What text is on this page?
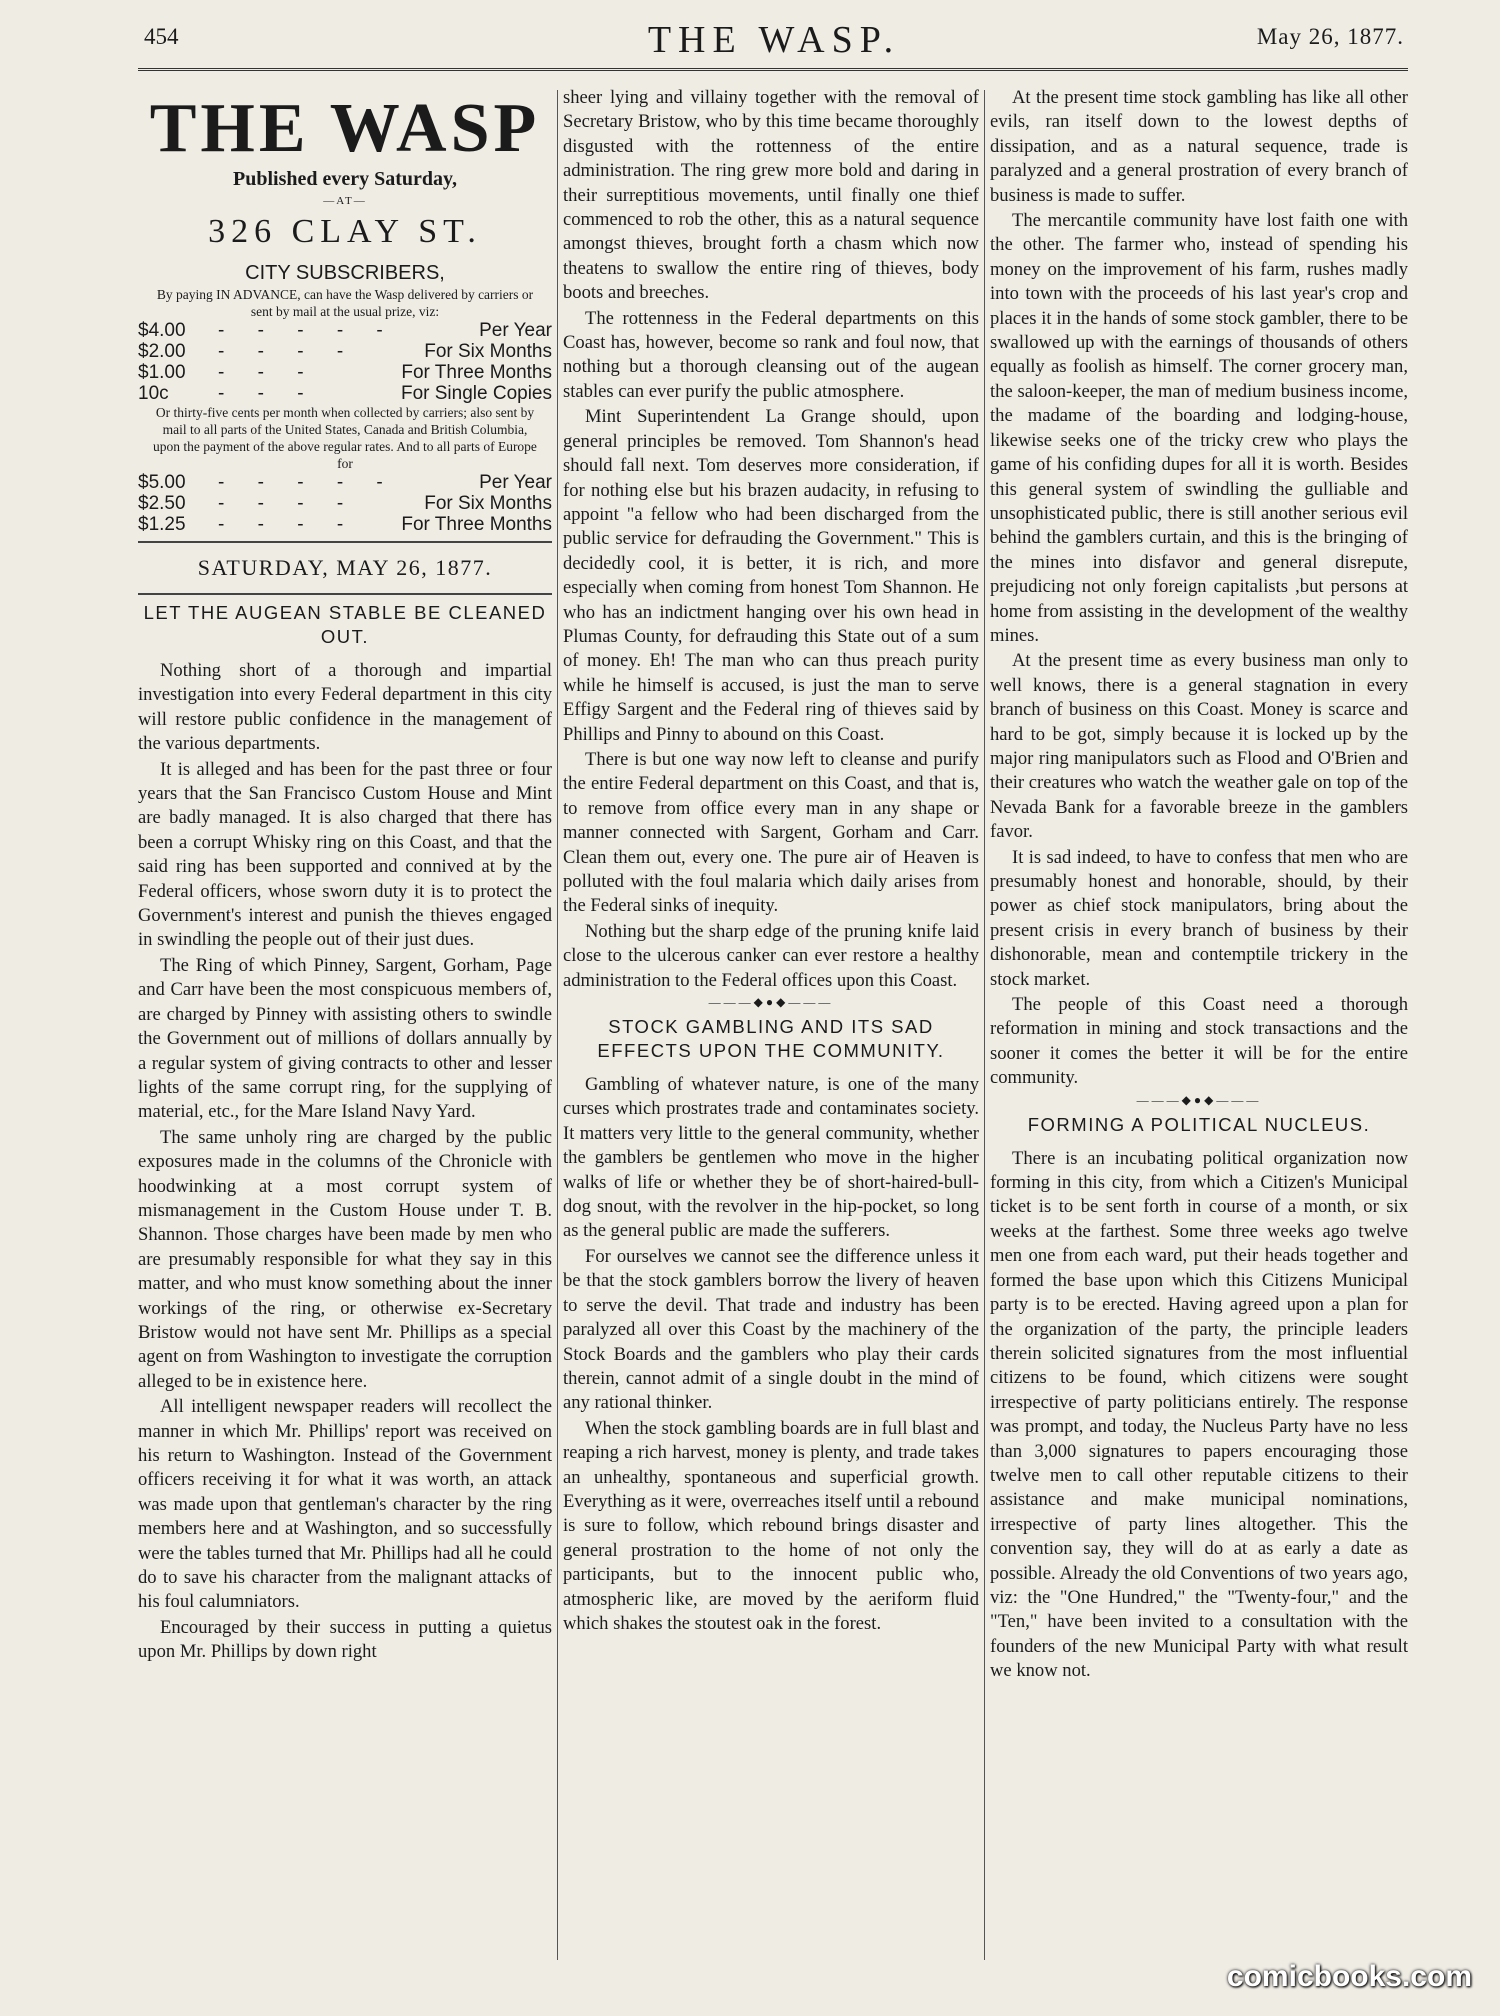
454	THE WASP.	May 26, 1877.
THE WASP
Published every Saturday,
—AT—
326 CLAY ST.
CITY SUBSCRIBERS,
By paying IN ADVANCE, can have the Wasp delivered by carriers or sent by mail at the usual prize, viz:
$4.00	- - - - -	Per Year
$2.00	- - - -	For Six Months
$1.00	- - -	For Three Months
10c	- - -	For Single Copies
Or thirty-five cents per month when collected by carriers; also sent by mail to all parts of the United States, Canada and British Columbia, upon the payment of the above regular rates. And to all parts of Europe for
$5.00	- - - - -	Per Year
$2.50	- - - -	For Six Months
$1.25	- - - -	For Three Months
SATURDAY, MAY 26, 1877.
LET THE AUGEAN STABLE BE CLEANED OUT.

Nothing short of a thorough and impartial investigation into every Federal department in this city will restore public confidence in the management of the various departments.

It is alleged and has been for the past three or four years that the San Francisco Custom House and Mint are badly managed. It is also charged that there has been a corrupt Whisky ring on this Coast, and that the said ring has been supported and connived at by the Federal officers, whose sworn duty it is to protect the Government's interest and punish the thieves engaged in swindling the people out of their just dues.

The Ring of which Pinney, Sargent, Gorham, Page and Carr have been the most conspicuous members of, are charged by Pinney with assisting others to swindle the Government out of millions of dollars annually by a regular system of giving contracts to other and lesser lights of the same corrupt ring, for the supplying of material, etc., for the Mare Island Navy Yard.

The same unholy ring are charged by the public exposures made in the columns of the Chronicle with hoodwinking at a most corrupt system of mismanagement in the Custom House under T. B. Shannon. Those charges have been made by men who are presumably responsible for what they say in this matter, and who must know something about the inner workings of the ring, or otherwise ex-Secretary Bristow would not have sent Mr. Phillips as a special agent on from Washington to investigate the corruption alleged to be in existence here.

All intelligent newspaper readers will recollect the manner in which Mr. Phillips' report was received on his return to Washington. Instead of the Government officers receiving it for what it was worth, an attack was made upon that gentleman's character by the ring members here and at Washington, and so successfully were the tables turned that Mr. Phillips had all he could do to save his character from the malignant attacks of his foul calumniators.

Encouraged by their success in putting a quietus upon Mr. Phillips by down right

sheer lying and villainy together with the removal of Secretary Bristow, who by this time became thoroughly disgusted with the rottenness of the entire administration. The ring grew more bold and daring in their surreptitious movements, until finally one thief commenced to rob the other, this as a natural sequence amongst thieves, brought forth a chasm which now theatens to swallow the entire ring of thieves, body boots and breeches.

The rottenness in the Federal departments on this Coast has, however, become so rank and foul now, that nothing but a thorough cleansing out of the augean stables can ever purify the public atmosphere.

Mint Superintendent La Grange should, upon general principles be removed. Tom Shannon's head should fall next. Tom deserves more consideration, if for nothing else but his brazen audacity, in refusing to appoint "a fellow who had been discharged from the public service for defrauding the Government." This is decidedly cool, it is better, it is rich, and more especially when coming from honest Tom Shannon. He who has an indictment hanging over his own head in Plumas County, for defrauding this State out of a sum of money. Eh! The man who can thus preach purity while he himself is accused, is just the man to serve Effigy Sargent and the Federal ring of thieves said by Phillips and Pinny to abound on this Coast.

There is but one way now left to cleanse and purify the entire Federal department on this Coast, and that is, to remove from office every man in any shape or manner connected with Sargent, Gorham and Carr. Clean them out, every one. The pure air of Heaven is polluted with the foul malaria which daily arises from the Federal sinks of inequity.

Nothing but the sharp edge of the pruning knife laid close to the ulcerous canker can ever restore a healthy administration to the Federal offices upon this Coast.

———◆●◆———
STOCK GAMBLING AND ITS SAD EFFECTS UPON THE COMMUNITY.

Gambling of whatever nature, is one of the many curses which prostrates trade and contaminates society. It matters very little to the general community, whether the gamblers be gentlemen who move in the higher walks of life or whether they be of short-haired-bull-dog snout, with the revolver in the hip-pocket, so long as the general public are made the sufferers.

For ourselves we cannot see the difference unless it be that the stock gamblers borrow the livery of heaven to serve the devil. That trade and industry has been paralyzed all over this Coast by the machinery of the Stock Boards and the gamblers who play their cards therein, cannot admit of a single doubt in the mind of any rational thinker.

When the stock gambling boards are in full blast and reaping a rich harvest, money is plenty, and trade takes an unhealthy, spontaneous and superficial growth. Everything as it were, overreaches itself until a rebound is sure to follow, which rebound brings disaster and general prostration to the home of not only the participants, but to the innocent public who, atmospheric like, are moved by the aeriform fluid which shakes the stoutest oak in the forest.

At the present time stock gambling has like all other evils, ran itself down to the lowest depths of dissipation, and as a natural sequence, trade is paralyzed and a general prostration of every branch of business is made to suffer.

The mercantile community have lost faith one with the other. The farmer who, instead of spending his money on the improvement of his farm, rushes madly into town with the proceeds of his last year's crop and places it in the hands of some stock gambler, there to be swallowed up with the earnings of thousands of others equally as foolish as himself. The corner grocery man, the saloon-keeper, the man of medium business income, the madame of the boarding and lodging-house, likewise seeks one of the tricky crew who plays the game of his confiding dupes for all it is worth. Besides this general system of swindling the gulliable and unsophisticated public, there is still another serious evil behind the gamblers curtain, and this is the bringing of the mines into disfavor and general disrepute, prejudicing not only foreign capitalists ,but persons at home from assisting in the development of the wealthy mines.

At the present time as every business man only to well knows, there is a general stagnation in every branch of business on this Coast. Money is scarce and hard to be got, simply because it is locked up by the major ring manipulators such as Flood and O'Brien and their creatures who watch the weather gale on top of the Nevada Bank for a favorable breeze in the gamblers favor.

It is sad indeed, to have to confess that men who are presumably honest and honorable, should, by their power as chief stock manipulators, bring about the present crisis in every branch of business by their dishonorable, mean and contemptile trickery in the stock market.

The people of this Coast need a thorough reformation in mining and stock transactions and the sooner it comes the better it will be for the entire community.

———◆●◆———
FORMING A POLITICAL NUCLEUS.

There is an incubating political organization now forming in this city, from which a Citizen's Municipal ticket is to be sent forth in course of a month, or six weeks at the farthest. Some three weeks ago twelve men one from each ward, put their heads together and formed the base upon which this Citizens Municipal party is to be erected. Having agreed upon a plan for the organization of the party, the principle leaders therein solicited signatures from the most influential citizens to be found, which citizens were sought irrespective of party politicians entirely. The response was prompt, and today, the Nucleus Party have no less than 3,000 signatures to papers encouraging those twelve men to call other reputable citizens to their assistance and make municipal nominations, irrespective of party lines altogether. This the convention say, they will do at as early a date as possible. Already the old Conventions of two years ago, viz: the "One Hundred," the "Twenty-four," and the "Ten," have been invited to a consultation with the founders of the new Municipal Party with what result we know not.

comicbooks.com
